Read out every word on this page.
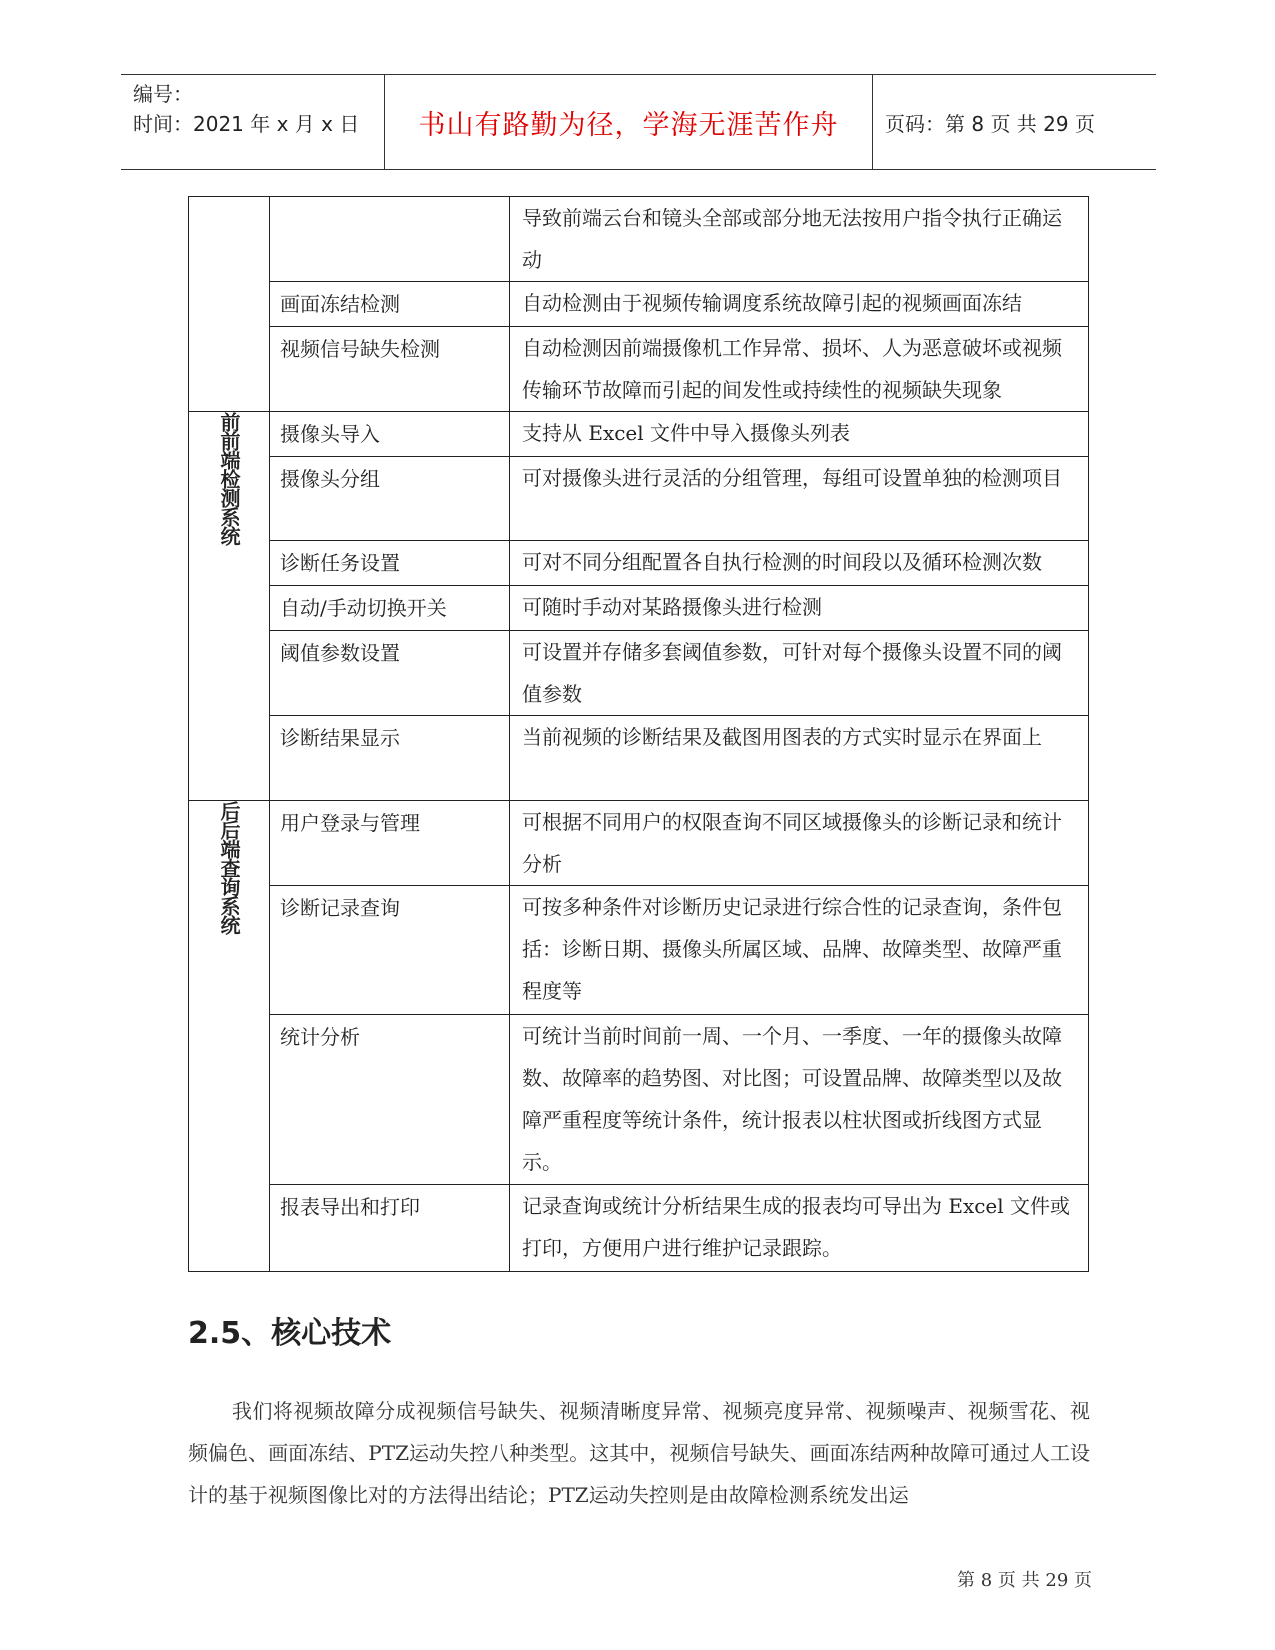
编号：
时间：2021 年 x 月 x 日	书山有路勤为径，学海无涯苦作舟	页码：第 8 页 共 29 页
		导致前端云台和镜头全部或部分地无法按用户指令执行正确运动
	画面冻结检测	自动检测由于视频传输调度系统故障引起的视频画面冻结
	视频信号缺失检测	自动检测因前端摄像机工作异常、损坏、人为恶意破坏或视频传输环节故障而引起的间发性或持续性的视频缺失现象
前前端检测系统	摄像头导入	支持从 Excel 文件中导入摄像头列表
	摄像头分组	可对摄像头进行灵活的分组管理，每组可设置单独的检测项目
	诊断任务设置	可对不同分组配置各自执行检测的时间段以及循环检测次数
	自动/手动切换开关	可随时手动对某路摄像头进行检测
	阈值参数设置	可设置并存储多套阈值参数，可针对每个摄像头设置不同的阈值参数
	诊断结果显示	当前视频的诊断结果及截图用图表的方式实时显示在界面上
后后端查询系统	用户登录与管理	可根据不同用户的权限查询不同区域摄像头的诊断记录和统计分析
	诊断记录查询	可按多种条件对诊断历史记录进行综合性的记录查询，条件包括：诊断日期、摄像头所属区域、品牌、故障类型、故障严重程度等
	统计分析	可统计当前时间前一周、一个月、一季度、一年的摄像头故障数、故障率的趋势图、对比图；可设置品牌、故障类型以及故障严重程度等统计条件，统计报表以柱状图或折线图方式显示。
	报表导出和打印	记录查询或统计分析结果生成的报表均可导出为 Excel 文件或打印，方便用户进行维护记录跟踪。
2.5、核心技术
我们将视频故障分成视频信号缺失、视频清晰度异常、视频亮度异常、视频噪声、视频雪花、视频偏色、画面冻结、PTZ运动失控八种类型。这其中，视频信号缺失、画面冻结两种故障可通过人工设计的基于视频图像比对的方法得出结论；PTZ运动失控则是由故障检测系统发出运
第 8 页 共 29 页
